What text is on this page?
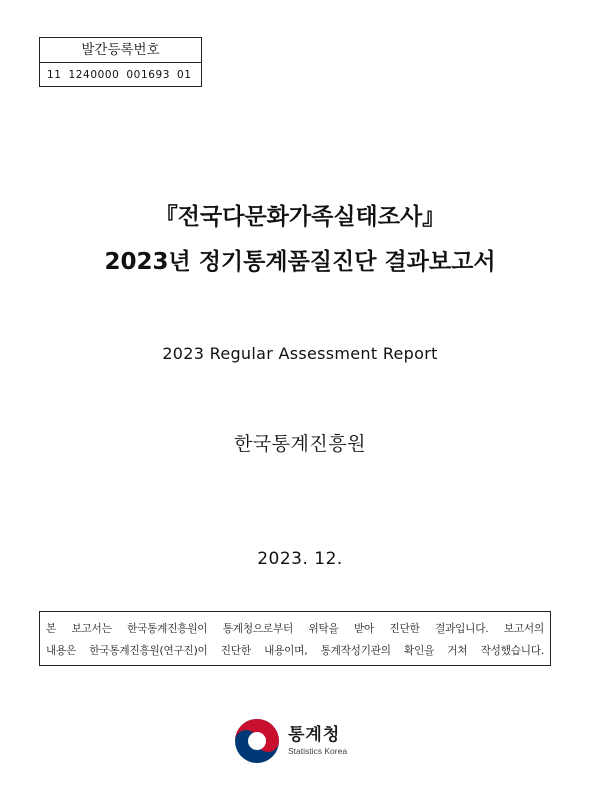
발간등록번호
11 1240000 001693 01
『전국다문화가족실태조사』
2023년 정기통계품질진단 결과보고서
2023 Regular Assessment Report
한국통계진흥원
2023. 12.

본 보고서는 한국통계진흥원이 통계청으로부터 위탁을 받아 진단한 결과입니다. 보고서의

내용은 한국통계진흥원(연구진)이 진단한 내용이며, 통계작성기관의 확인을 거쳐 작성했습니다.

통계청
Statistics Korea
